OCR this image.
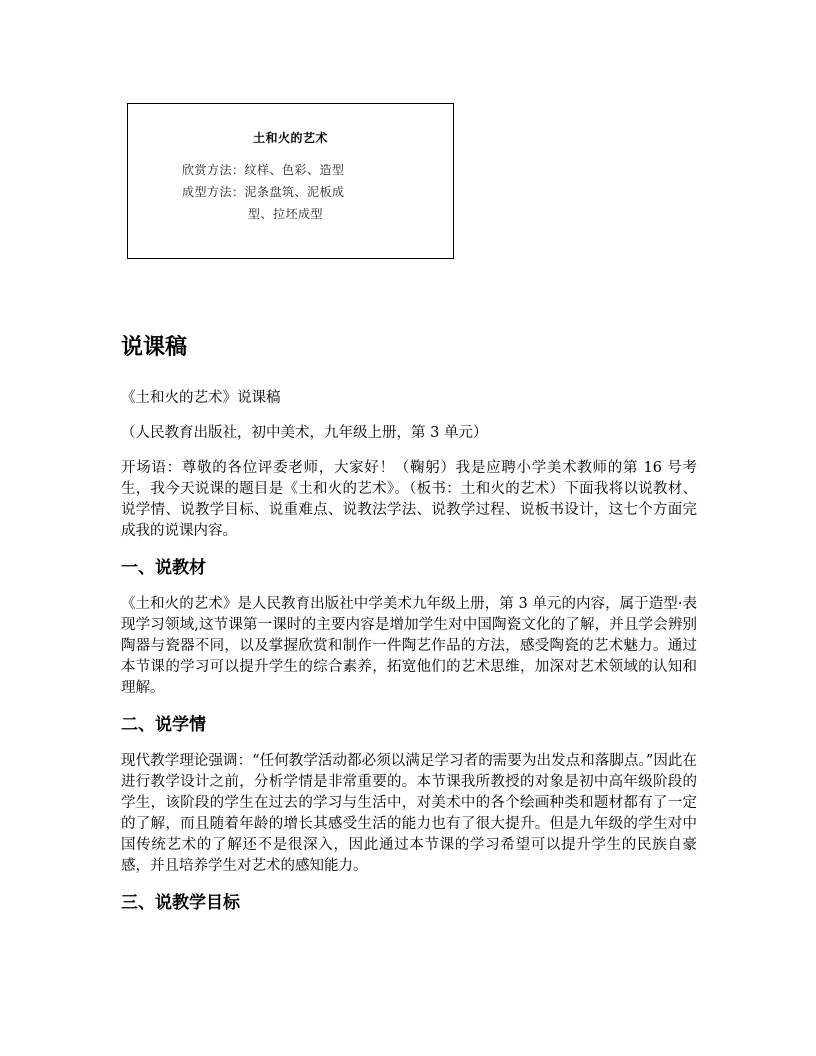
土和火的艺术
欣赏方法：纹样、色彩、造型
成型方法：泥条盘筑、泥板成
型、拉坯成型
说课稿

《土和火的艺术》说课稿

（人民教育出版社，初中美术，九年级上册，第 3 单元）

开场语：尊敬的各位评委老师，大家好！（鞠躬）我是应聘小学美术教师的第 16 号考生，我今天说课的题目是《土和火的艺术》。（板书：土和火的艺术）下面我将以说教材、说学情、说教学目标、说重难点、说教法学法、说教学过程、说板书设计，这七个方面完成我的说课内容。

一、说教材

《土和火的艺术》是人民教育出版社中学美术九年级上册，第 3 单元的内容，属于造型·表现学习领域,这节课第一课时的主要内容是增加学生对中国陶瓷文化的了解，并且学会辨别陶器与瓷器不同，以及掌握欣赏和制作一件陶艺作品的方法，感受陶瓷的艺术魅力。通过本节课的学习可以提升学生的综合素养，拓宽他们的艺术思维，加深对艺术领域的认知和理解。

二、说学情

现代教学理论强调：“任何教学活动都必须以满足学习者的需要为出发点和落脚点。”因此在进行教学设计之前，分析学情是非常重要的。本节课我所教授的对象是初中高年级阶段的学生，该阶段的学生在过去的学习与生活中，对美术中的各个绘画种类和题材都有了一定的了解，而且随着年龄的增长其感受生活的能力也有了很大提升。但是九年级的学生对中国传统艺术的了解还不是很深入，因此通过本节课的学习希望可以提升学生的民族自豪感，并且培养学生对艺术的感知能力。

三、说教学目标
